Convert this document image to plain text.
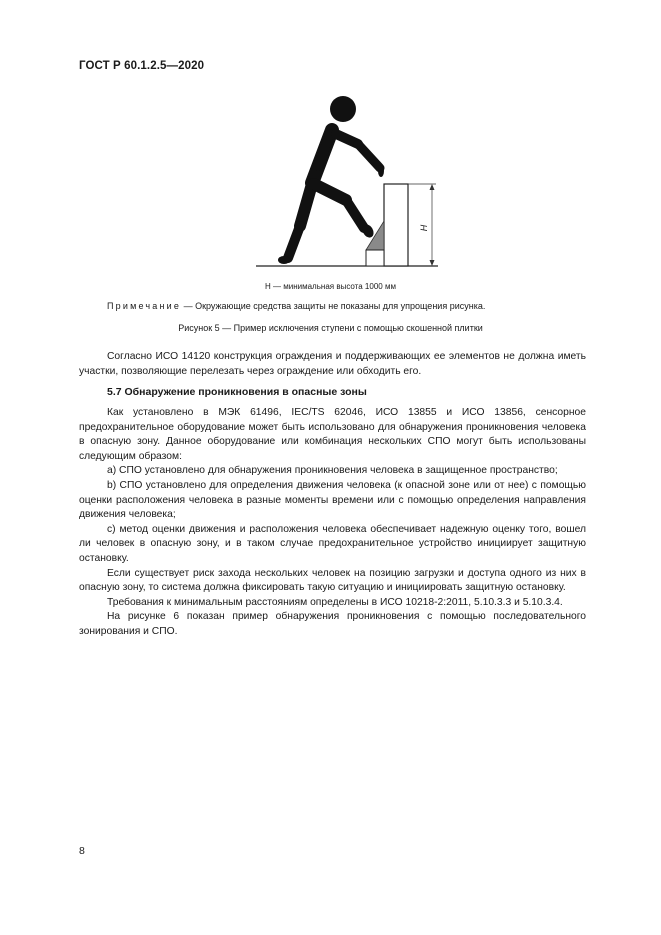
ГОСТ Р 60.1.2.5—2020
H
H — минимальная высота 1000 мм
Примечание — Окружающие средства защиты не показаны для упрощения рисунка.
Рисунок 5 — Пример исключения ступени с помощью скошенной плитки

Согласно ИСО 14120 конструкция ограждения и поддерживающих ее элементов не должна иметь участки, позволяющие перелезать через ограждение или обходить его.

5.7 Обнаружение проникновения в опасные зоны

Как установлено в МЭК 61496, IEC/TS 62046, ИСО 13855 и ИСО 13856, сенсорное предохранительное оборудование может быть использовано для обнаружения проникновения человека в опасную зону. Данное оборудование или комбинация нескольких СПО могут быть использованы следующим образом:

а) СПО установлено для обнаружения проникновения человека в защищенное пространство;

b) СПО установлено для определения движения человека (к опасной зоне или от нее) с помощью оценки расположения человека в разные моменты времени или с помощью определения направления движения человека;

c) метод оценки движения и расположения человека обеспечивает надежную оценку того, вошел ли человек в опасную зону, и в таком случае предохранительное устройство инициирует защитную остановку.

Если существует риск захода нескольких человек на позицию загрузки и доступа одного из них в опасную зону, то система должна фиксировать такую ситуацию и инициировать защитную остановку.

Требования к минимальным расстояниям определены в ИСО 10218-2:2011, 5.10.3.3 и 5.10.3.4.

На рисунке 6 показан пример обнаружения проникновения с помощью последовательного зонирования и СПО.

8
